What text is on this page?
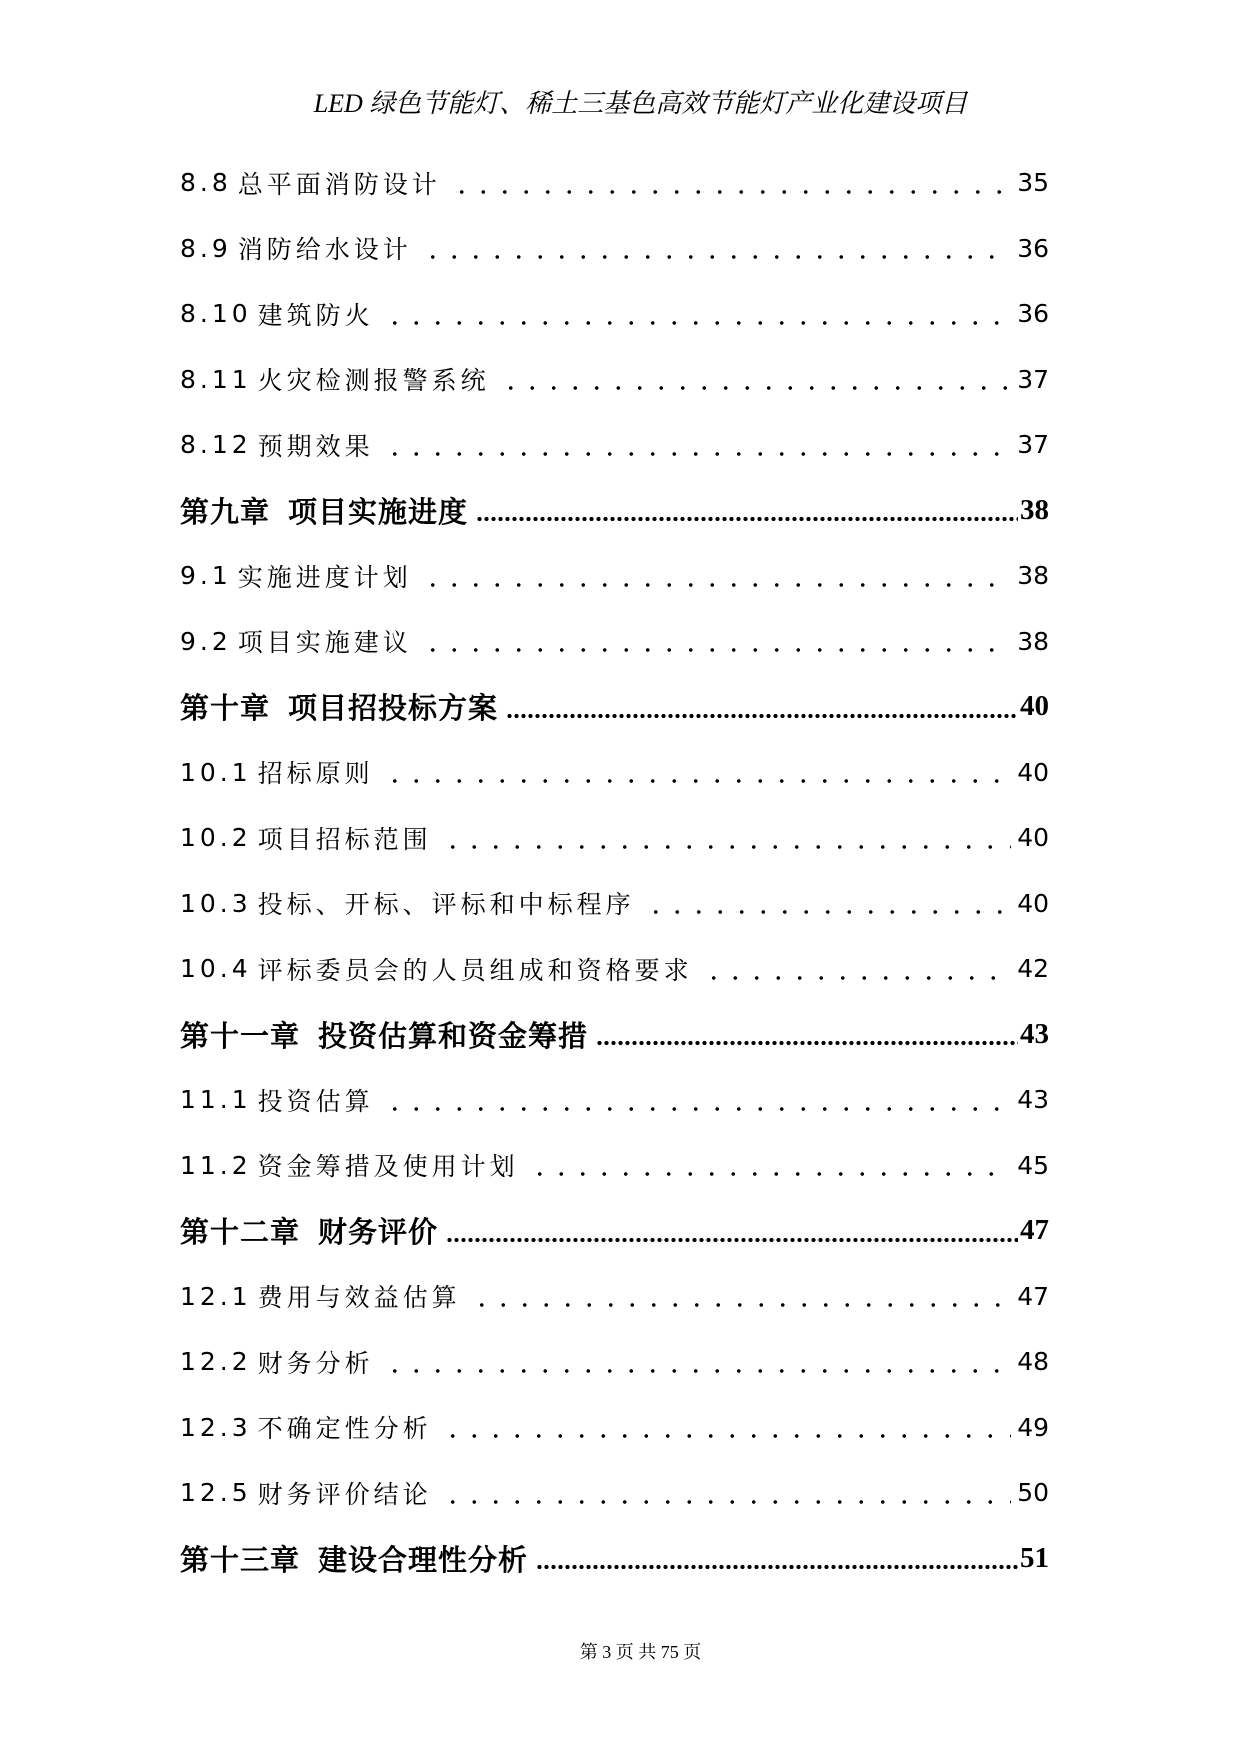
LED 绿色节能灯、稀土三基色高效节能灯产业化建设项目
8.8 总平面消防设计	35
8.9 消防给水设计	36
8.10 建筑防火	36
8.11 火灾检测报警系统	37
8.12 预期效果	37
第九章 项目实施进度	38
9.1 实施进度计划	38
9.2 项目实施建议	38
第十章 项目招投标方案	40
10.1 招标原则	40
10.2 项目招标范围	40
10.3 投标、开标、评标和中标程序	40
10.4 评标委员会的人员组成和资格要求	42
第十一章 投资估算和资金筹措	43
11.1 投资估算	43
11.2 资金筹措及使用计划	45
第十二章 财务评价	47
12.1 费用与效益估算	47
12.2 财务分析	48
12.3 不确定性分析	49
12.5 财务评价结论	50
第十三章 建设合理性分析	51
第 3 页 共 75 页
